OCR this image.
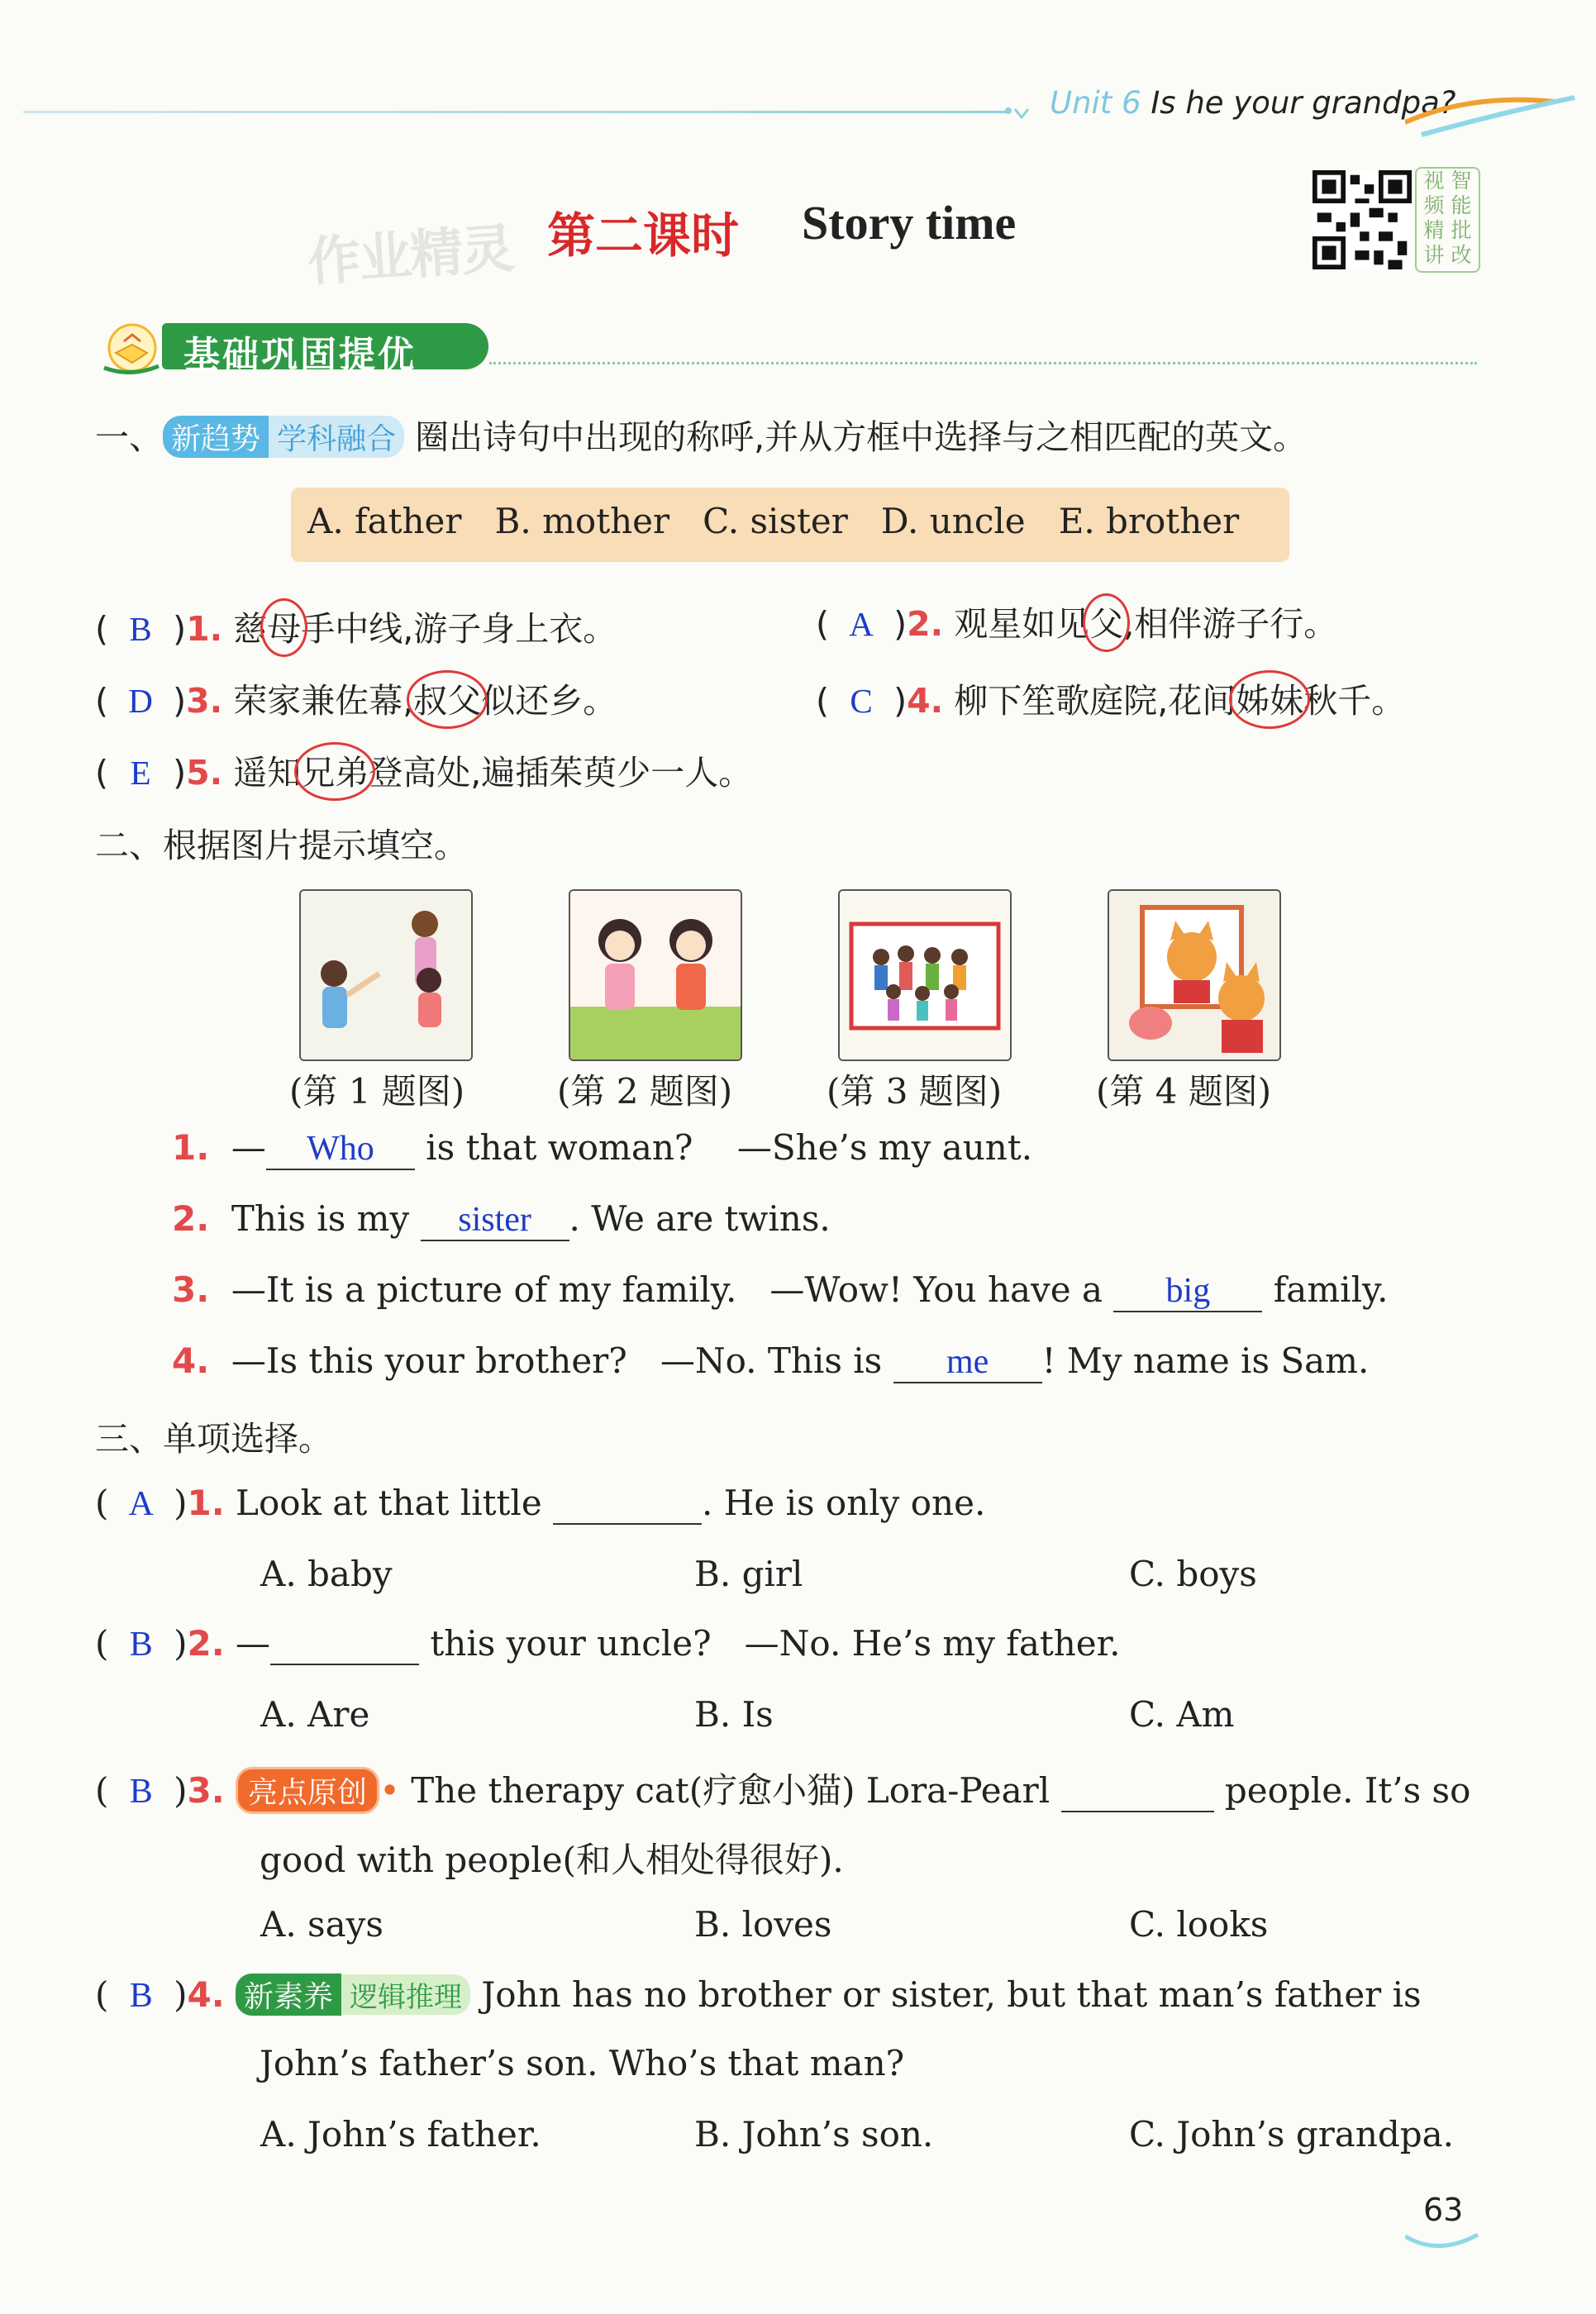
Unit 6 Is he your grandpa?
作业精灵 第二课时 Story time
视 智
频 能
精 批
讲 改
基础巩固提优
一、 新趋势 学科融合 圈出诗句中出现的称呼,并从方框中选择与之相匹配的英文。
A. father   B. mother   C. sister   D. uncle   E. brother
( B )1. 慈母手中线,游子身上衣。	( A )2. 观星如见父,相伴游子行。
( D )3. 荣家兼佐幕,叔父似还乡。	( C )4. 柳下笙歌庭院,花间姊妹秋千。
( E )5. 遥知兄弟登高处,遍插茱萸少一人。
二、根据图片提示填空。
(第 1 题图)	(第 2 题图)	(第 3 题图)	(第 4 题图)
1. — Who is that woman? —She’s my aunt.
2. This is my sister . We are twins.
3. —It is a picture of my family. —Wow! You have a big family.
4. —Is this your brother? —No. This is me ! My name is Sam.
三、单项选择。
( A )1. Look at that little	. He is only one.
A. baby	B. girl	C. boys
( B )2. —	this your uncle? —No. He’s my father.
A. Are	B. Is	C. Am
( B )3. 亮点原创 • The therapy cat(疗愈小猫) Lora-Pearl	people. It’s so
good with people(和人相处得很好).
A. says	B. loves	C. looks
( B )4. 新素养 逻辑推理 John has no brother or sister, but that man’s father is
John’s father’s son. Who’s that man?
A. John’s father.	B. John’s son.	C. John’s grandpa.
63
